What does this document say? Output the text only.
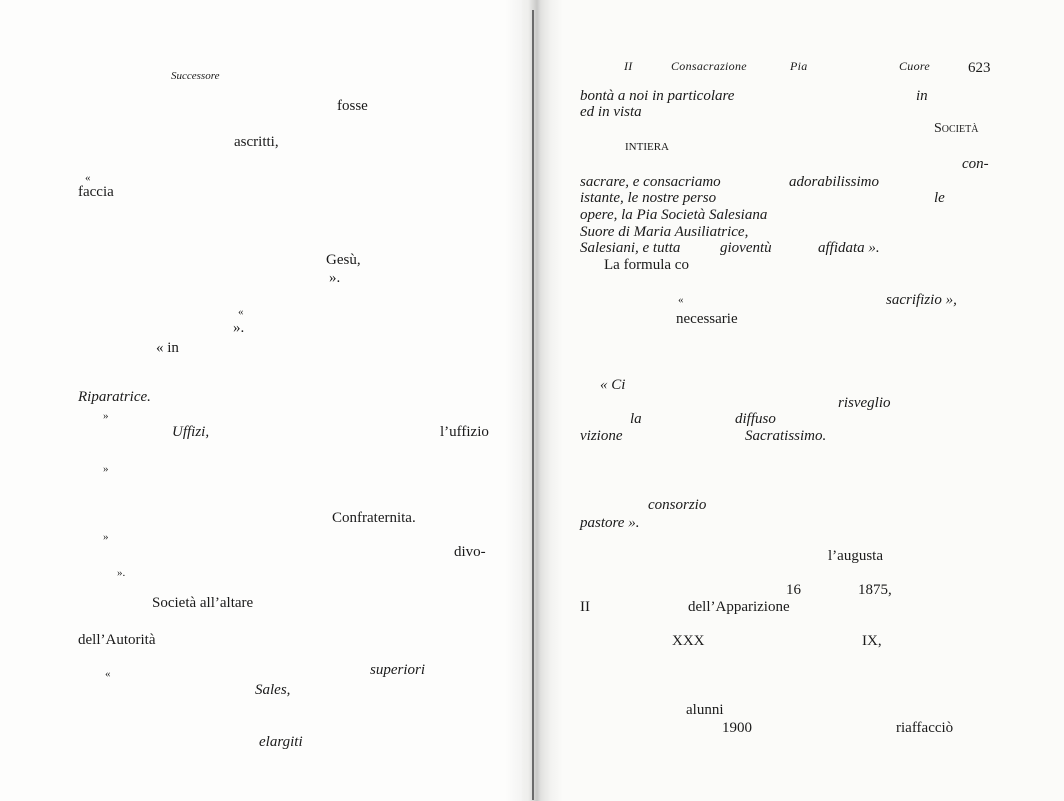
Successore
fosse
ascritti,
«
faccia
Gesù,
».
«
».
« in
Riparatrice.
»
Uffizi,	l’uffizio
»
Confraternita.
»
divo-
».
Società all’altare
dell’Autorità
«	superiori
Sales,
elargiti
II	Consacrazione	Pia	Cuore	623
bontà a noi in particolare	in
ed in vista
Società
INTIERA
con-
sacrare, e consacriamo	adorabilissimo
istante, le nostre perso	le
opere, la Pia Società Salesiana
Suore di Maria Ausiliatrice,
Salesiani, e tutta	gioventù	affidata ».
La formula co
«	sacrifizio »,
necessarie
« Ci
risveglio
la	diffuso
vizione	Sacratissimo.
consorzio
pastore ».
l’augusta
16	1875,
II	dell’Apparizione
XXX	IX,
alunni
1900	riaffacciò
